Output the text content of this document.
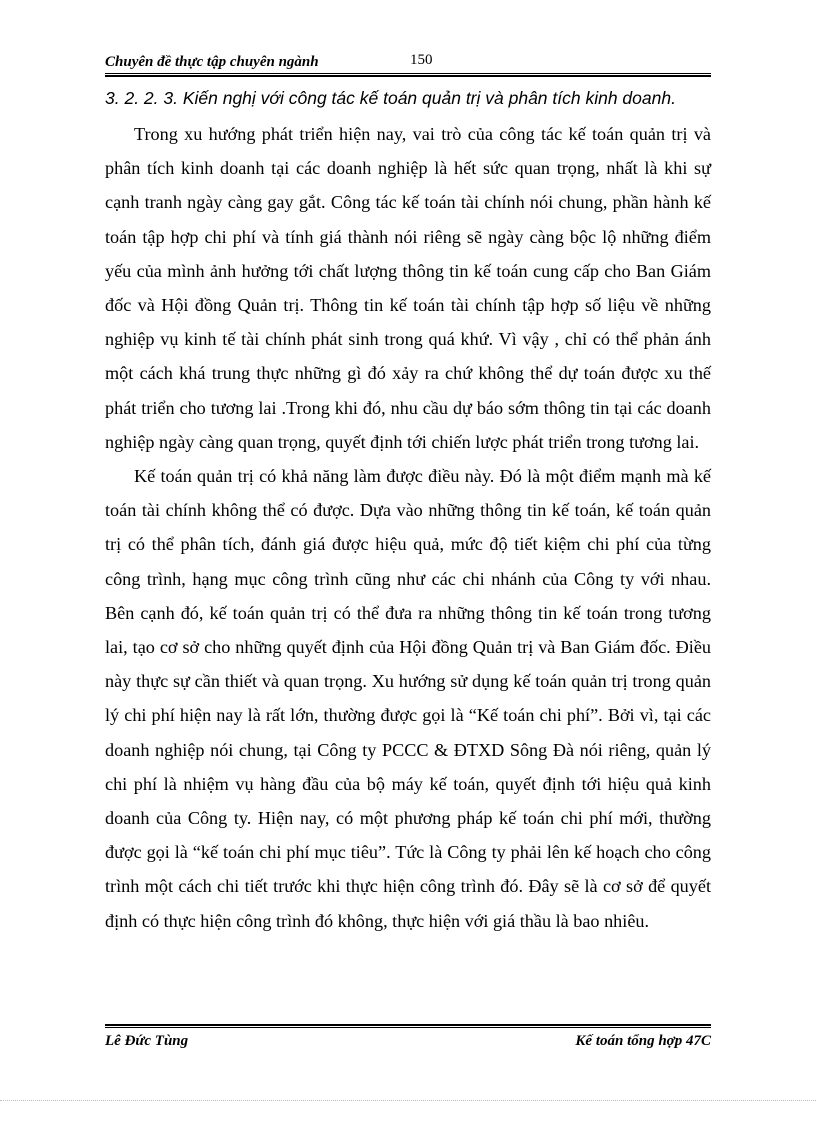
Chuyên đề thực tập chuyên ngành	150
3. 2. 2. 3. Kiến nghị với công tác kế toán quản trị và phân tích kinh doanh.

Trong xu hướng phát triển hiện nay, vai trò của công tác kế toán quản trị và phân tích kinh doanh tại các doanh nghiệp là hết sức quan trọng, nhất là khi sự cạnh tranh ngày càng gay gắt. Công tác kế toán tài chính nói chung, phần hành kế toán tập hợp chi phí và tính giá thành nói riêng sẽ ngày càng bộc lộ những điểm yếu của mình ảnh hưởng tới chất lượng thông tin kế toán cung cấp cho Ban Giám đốc và Hội đồng Quản trị. Thông tin kế toán tài chính tập hợp số liệu về những nghiệp vụ kinh tế tài chính phát sinh trong quá khứ. Vì vậy , chỉ có thể phản ánh một cách khá trung thực những gì đó xảy ra chứ không thể dự toán được xu thế phát triển cho tương lai .Trong khi đó, nhu cầu dự báo sớm thông tin tại các doanh nghiệp ngày càng quan trọng, quyết định tới chiến lược phát triển trong tương lai.

Kế toán quản trị có khả năng làm được điều này. Đó là một điểm mạnh mà kế toán tài chính không thể có được. Dựa vào những thông tin kế toán, kế toán quản trị có thể phân tích, đánh giá được hiệu quả, mức độ tiết kiệm chi phí của từng công trình, hạng mục công trình cũng như các chi nhánh của Công ty với nhau. Bên cạnh đó, kế toán quản trị có thể đưa ra những thông tin kế toán trong tương lai, tạo cơ sở cho những quyết định của Hội đồng Quản trị và Ban Giám đốc. Điều này thực sự cần thiết và quan trọng. Xu hướng sử dụng kế toán quản trị trong quản lý chi phí hiện nay là rất lớn, thường được gọi là “Kế toán chi phí”. Bởi vì, tại các doanh nghiệp nói chung, tại Công ty PCCC & ĐTXD Sông Đà nói riêng, quản lý chi phí là nhiệm vụ hàng đầu của bộ máy kế toán, quyết định tới hiệu quả kinh doanh của Công ty. Hiện nay, có một phương pháp kế toán chi phí mới, thường được gọi là “kế toán chi phí mục tiêu”. Tức là Công ty phải lên kế hoạch cho công trình một cách chi tiết trước khi thực hiện công trình đó. Đây sẽ là cơ sở để quyết định có thực hiện công trình đó không, thực hiện với giá thầu là bao nhiêu.

Lê Đức Tùng	Kế toán tổng hợp 47C
